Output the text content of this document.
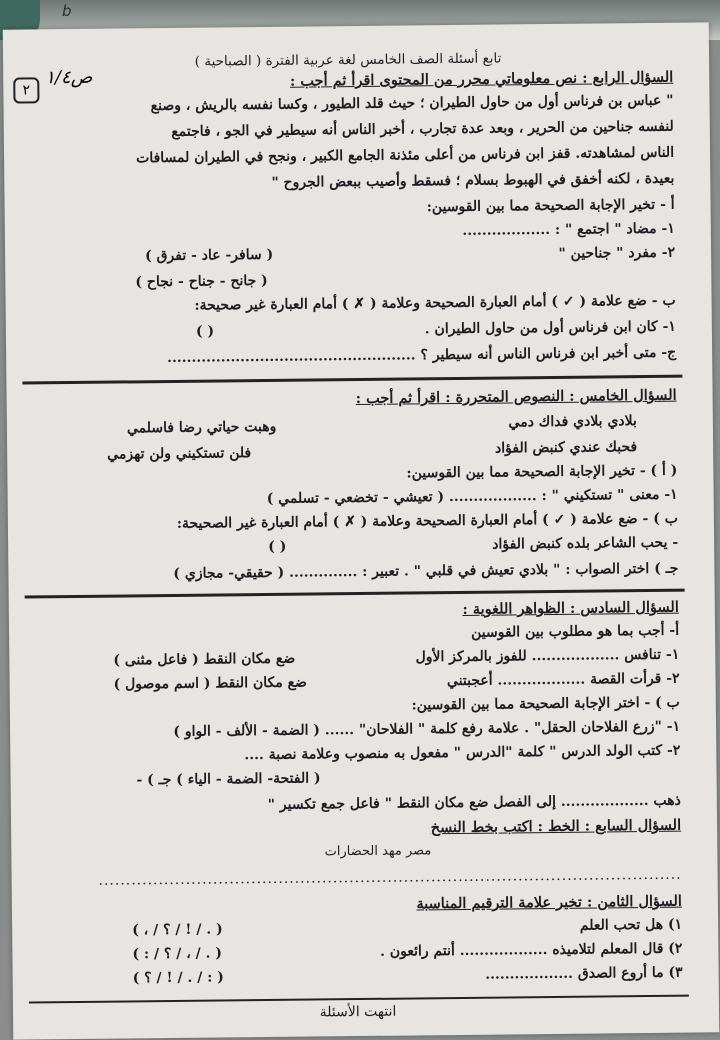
b
٢
ص١/٤
تابع أسئلة الصف الخامس لغة عربية الفترة ( الصباحية )
السؤال الرابع : نص معلوماتي محرر من المحتوى اقرأ ثم أجب :
" عباس بن فرناس أول من حاول الطيران ؛ حيث قلد الطيور ، وكسا نفسه بالريش ، وصنع
لنفسه جناحين من الحرير ، وبعد عدة تجارب ، أخبر الناس أنه سيطير في الجو ، فاجتمع
الناس لمشاهدته. قفز ابن فرناس من أعلى مئذنة الجامع الكبير ، ونجح في الطيران لمسافات
بعيدة ، لكنه أخفق في الهبوط بسلام ؛ فسقط وأصيب ببعض الجروح "
أ - تخير الإجابة الصحيحة مما بين القوسين:
١- مضاد " اجتمع " : ..................
( سافر- عاد - تفرق )	٢- مفرد " جناحين "
( جانح - جناح - نجاح )
ب - ضع علامة ( ✓ ) أمام العبارة الصحيحة وعلامة ( ✗ ) أمام العبارة غير صحيحة:
١- كان ابن فرناس أول من حاول الطيران .
( )
ج- متى أخبر ابن فرناس الناس أنه سيطير ؟ ...................................................
السؤال الخامس : النصوص المتحررة : اقرأ ثم أجب :
بلادي بلادي فداك دمي
وهبت حياتي رضا فاسلمي
فحبك عندي كنبض الفؤاد
فلن تستكيني ولن تهزمي
( أ ) - تخير الإجابة الصحيحة مما بين القوسين:
١- معنى " تستكيني " : .................. ( تعيشي - تخضعي - تسلمي )
ب ) - ضع علامة ( ✓ ) أمام العبارة الصحيحة وعلامة ( ✗ ) أمام العبارة غير الصحيحة:
- يحب الشاعر بلده كنبض الفؤاد
( )
جـ ) اختر الصواب : " بلادي تعيش في قلبي " . تعبير : .............. ( حقيقي- مجازي )
السؤال السادس : الظواهر اللغوية :
أ- أجب بما هو مطلوب بين القوسين
١- تنافس .................. للفوز بالمركز الأول
ضع مكان النقط ( فاعل مثنى )
٢- قرأت القصة .................. أعجبتني
ضع مكان النقط ( اسم موصول )
ب ) - اختر الإجابة الصحيحة مما بين القوسين:
١- "زرع الفلاحان الحقل" . علامة رفع كلمة " الفلاحان" ...... ( الضمة - الألف - الواو )
٢- كتب الولد الدرس " كلمة "الدرس " مفعول به منصوب وعلامة نصبة ....
( الفتحة- الضمة - الياء ) جـ ) -
ذهب .................. إلى الفصل ضع مكان النقط " فاعل جمع تكسير "
السؤال السابع : الخط : اكتب بخط النسخ
مصر مهد الحضارات
...........................................................................................................
السؤال الثامن : تخير علامة الترقيم المناسبة
١) هل تحب العلم
( . / ! / ؟ / ، )
٢) قال المعلم لتلاميذه .................. أنتم رائعون .
( . / ، / ؟ / : )
٣) ما أروع الصدق ..................
( : / . / ! / ؟ )
انتهت الأسئلة
